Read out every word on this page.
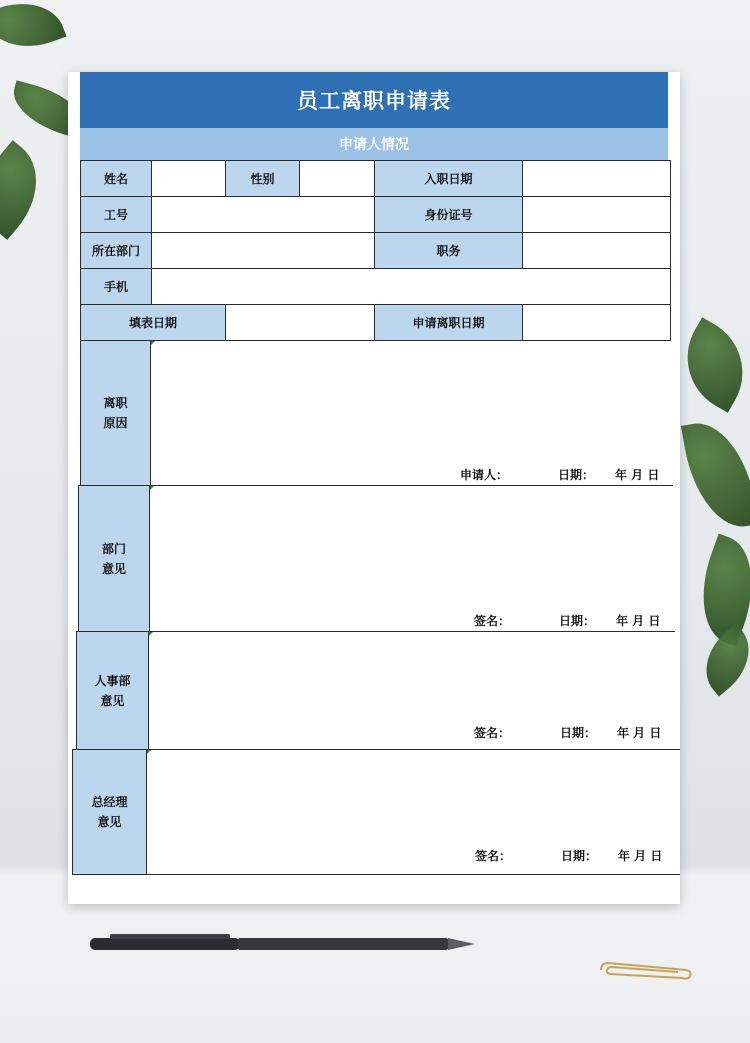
员工离职申请表
申请人情况
姓名	性别	入职日期
工号	身份证号
所在部门	职务
手机
填表日期	申请离职日期
离职
原因
申请人：	日期： 年 月 日
部门
意见
签名：	日期： 年 月 日
人事部
意见
签名：	日期： 年 月 日
总经理
意见
签名：	日期： 年 月 日
